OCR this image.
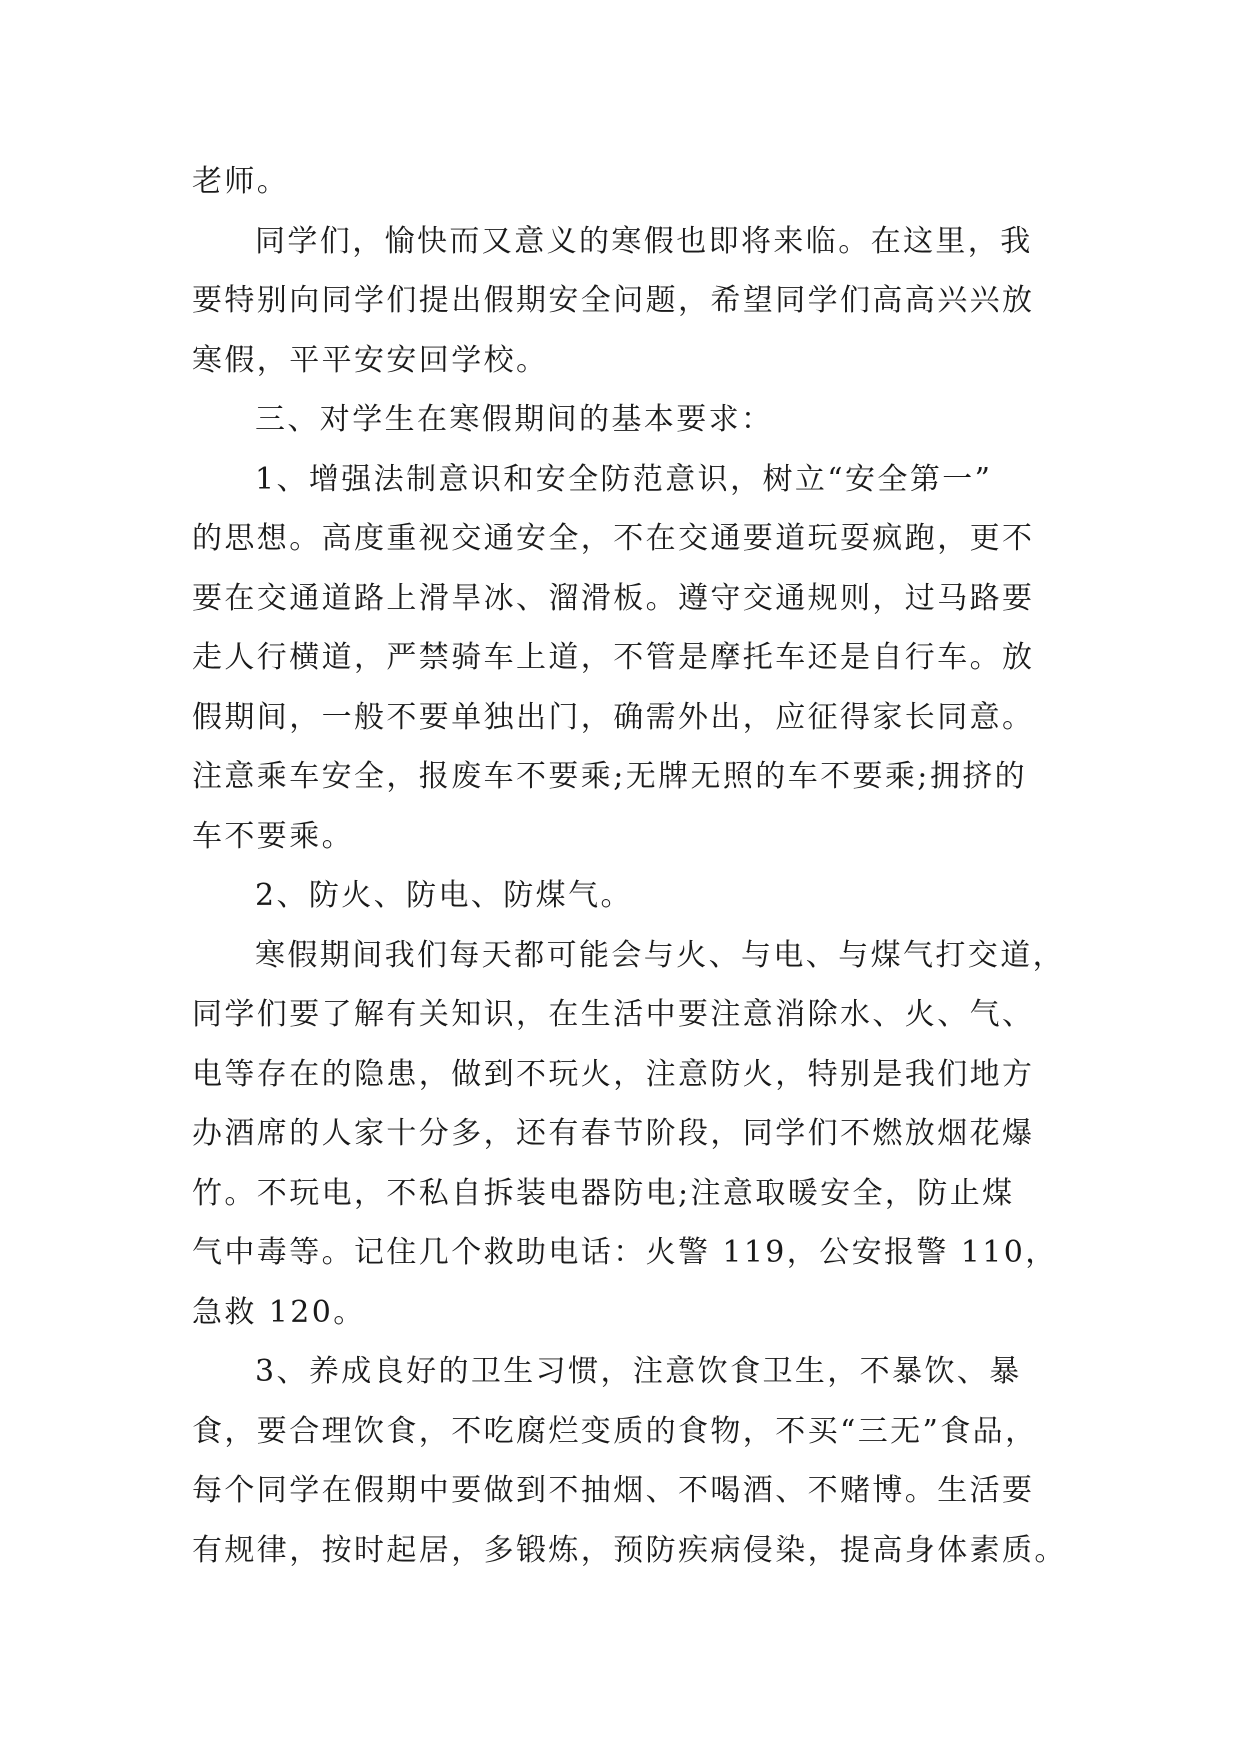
老师。

同学们，愉快而又意义的寒假也即将来临。在这里，我
要特别向同学们提出假期安全问题，希望同学们高高兴兴放
寒假，平平安安回学校。

三、对学生在寒假期间的基本要求：

1、增强法制意识和安全防范意识，树立“安全第一”
的思想。高度重视交通安全，不在交通要道玩耍疯跑，更不
要在交通道路上滑旱冰、溜滑板。遵守交通规则，过马路要
走人行横道，严禁骑车上道，不管是摩托车还是自行车。放
假期间，一般不要单独出门，确需外出，应征得家长同意。
注意乘车安全，报废车不要乘;无牌无照的车不要乘;拥挤的
车不要乘。

2、防火、防电、防煤气。

寒假期间我们每天都可能会与火、与电、与煤气打交道，
同学们要了解有关知识，在生活中要注意消除水、火、气、
电等存在的隐患，做到不玩火，注意防火，特别是我们地方
办酒席的人家十分多，还有春节阶段，同学们不燃放烟花爆
竹。不玩电，不私自拆装电器防电;注意取暖安全，防止煤
气中毒等。记住几个救助电话：火警 119，公安报警 110，
急救 120。

3、养成良好的卫生习惯，注意饮食卫生，不暴饮、暴
食，要合理饮食，不吃腐烂变质的食物，不买“三无”食品，
每个同学在假期中要做到不抽烟、不喝酒、不赌博。生活要
有规律，按时起居，多锻炼，预防疾病侵染，提高身体素质。
